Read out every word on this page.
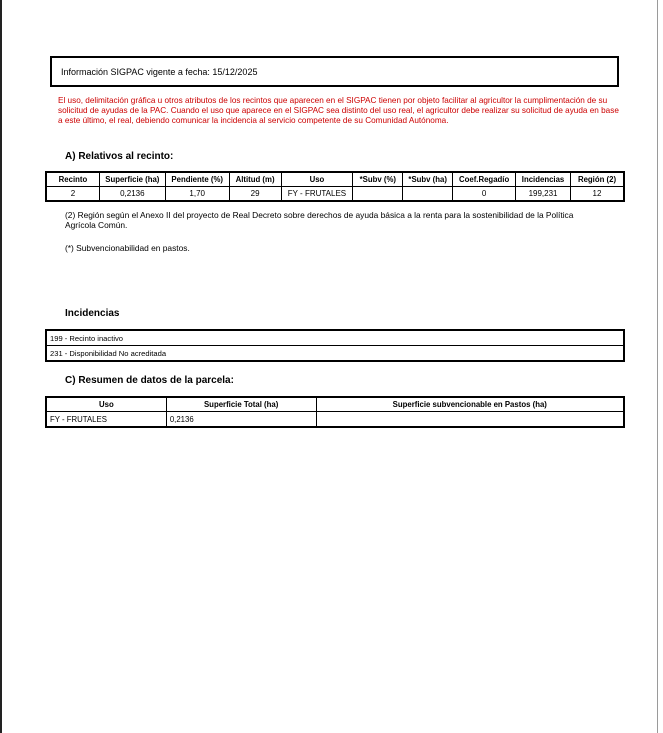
Información SIGPAC vigente a fecha: 15/12/2025
El uso, delimitación gráfica u otros atributos de los recintos que aparecen en el SIGPAC tienen por objeto facilitar al agricultor la cumplimentación de su solicitud de ayudas de la PAC. Cuando el uso que aparece en el SIGPAC sea distinto del uso real, el agricultor debe realizar su solicitud de ayuda en base a este último, el real, debiendo comunicar la incidencia al servicio competente de su Comunidad Autónoma.
A) Relativos al recinto:
Recinto	Superficie (ha)	Pendiente (%)	Altitud (m)	Uso	*Subv (%)	*Subv (ha)	Coef.Regadío	Incidencias	Región (2)
2	0,2136	1,70	29	FY - FRUTALES			0	199,231	12
(2) Región según el Anexo II del proyecto de Real Decreto sobre derechos de ayuda básica a la renta para la sostenibilidad de la Política Agrícola Común.
(*) Subvencionabilidad en pastos.
Incidencias
199 - Recinto inactivo
231 - Disponibilidad No acreditada
C) Resumen de datos de la parcela:
Uso	Superficie Total (ha)	Superficie subvencionable en Pastos (ha)
FY - FRUTALES	0,2136	
